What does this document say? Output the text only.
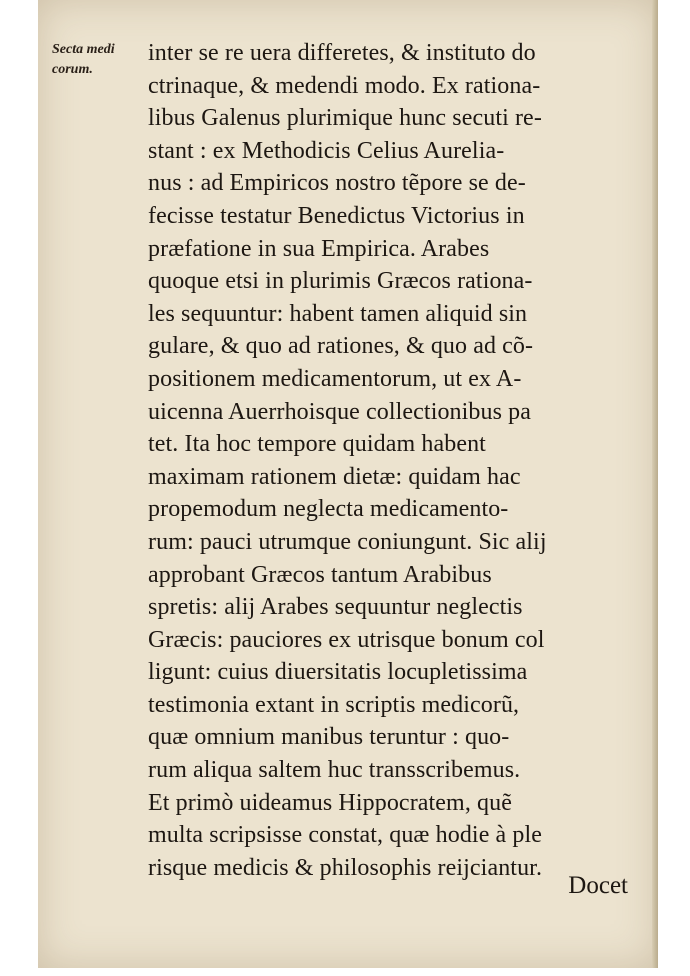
Secta medi
corum.
inter se re uera differetes, & instituto do
ctrinaque, & medendi modo. Ex rationa-
libus Galenus plurimique hunc secuti re-
stant : ex Methodicis Celius Aureliа-
nus : ad Empiricos nostro tẽpore se de-
fecisse testatur Benedictus Victorius in
præfatione in sua Empirica. Arabes
quoque etsi in plurimis Græcos rationa-
les sequuntur: habent tamen aliquid sin
gulare, & quo ad rationes, & quo ad cõ-
positionem medicamentorum, ut ex A-
uicenna Auerrhoisque collectionibus pa
tet. Ita hoc tempore quidam habent
maximam rationem dietæ: quidam hac
propemodum neglecta medicamento-
rum: pauci utrumque coniungunt. Sic alij
approbant Græcos tantum Arabibus
spretis: alij Arabes sequuntur neglectis
Græcis: pauciores ex utrisque bonum col
ligunt: cuius diuersitatis locupletissima
testimonia extant in scriptis medicorũ,
quæ omnium manibus teruntur : quo-
rum aliqua saltem huc transscribemus.
Et primò uideamus Hippocratem, quẽ
multa scripsisse constat, quæ hodie à ple
risque medicis & philosophis reijciantur.
Docet
